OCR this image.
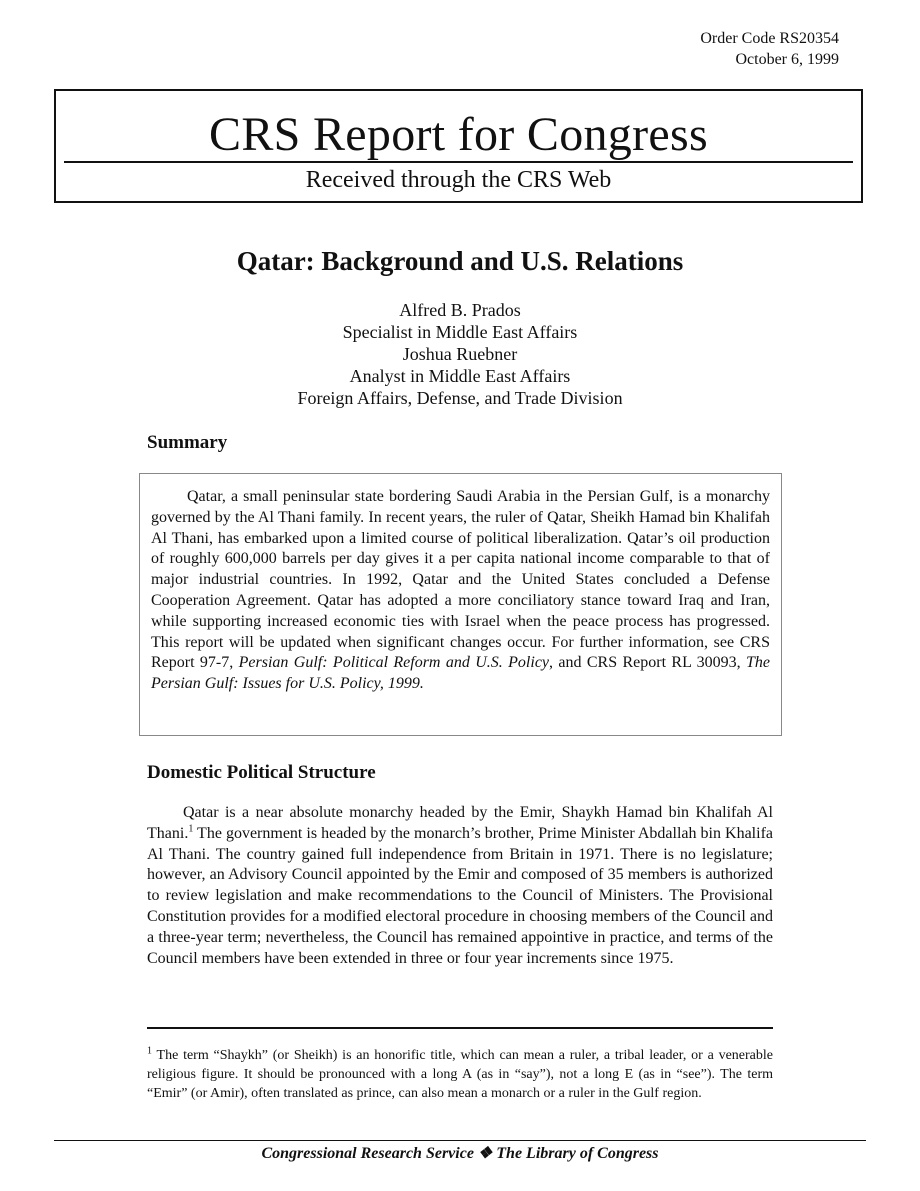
Order Code RS20354
October 6, 1999
CRS Report for Congress
Received through the CRS Web
Qatar: Background and U.S. Relations
Alfred B. Prados
Specialist in Middle East Affairs
Joshua Ruebner
Analyst in Middle East Affairs
Foreign Affairs, Defense, and Trade Division
Summary

Qatar, a small peninsular state bordering Saudi Arabia in the Persian Gulf, is a monarchy governed by the Al Thani family. In recent years, the ruler of Qatar, Sheikh Hamad bin Khalifah Al Thani, has embarked upon a limited course of political liberalization. Qatar’s oil production of roughly 600,000 barrels per day gives it a per capita national income comparable to that of major industrial countries. In 1992, Qatar and the United States concluded a Defense Cooperation Agreement. Qatar has adopted a more conciliatory stance toward Iraq and Iran, while supporting increased economic ties with Israel when the peace process has progressed. This report will be updated when significant changes occur. For further information, see CRS Report 97-7, Persian Gulf: Political Reform and U.S. Policy, and CRS Report RL 30093, The Persian Gulf: Issues for U.S. Policy, 1999.

Domestic Political Structure

Qatar is a near absolute monarchy headed by the Emir, Shaykh Hamad bin Khalifah Al Thani.$^1$ The government is headed by the monarch’s brother, Prime Minister Abdallah bin Khalifa Al Thani. The country gained full independence from Britain in 1971. There is no legislature; however, an Advisory Council appointed by the Emir and composed of 35 members is authorized to review legislation and make recommendations to the Council of Ministers. The Provisional Constitution provides for a modified electoral procedure in choosing members of the Council and a three-year term; nevertheless, the Council has remained appointive in practice, and terms of the Council members have been extended in three or four year increments since 1975.

$^1$ The term “Shaykh” (or Sheikh) is an honorific title, which can mean a ruler, a tribal leader, or a venerable religious figure. It should be pronounced with a long A (as in “say”), not a long E (as in “see”). The term “Emir” (or Amir), often translated as prince, can also mean a monarch or a ruler in the Gulf region.

Congressional Research Service ❖ The Library of Congress
